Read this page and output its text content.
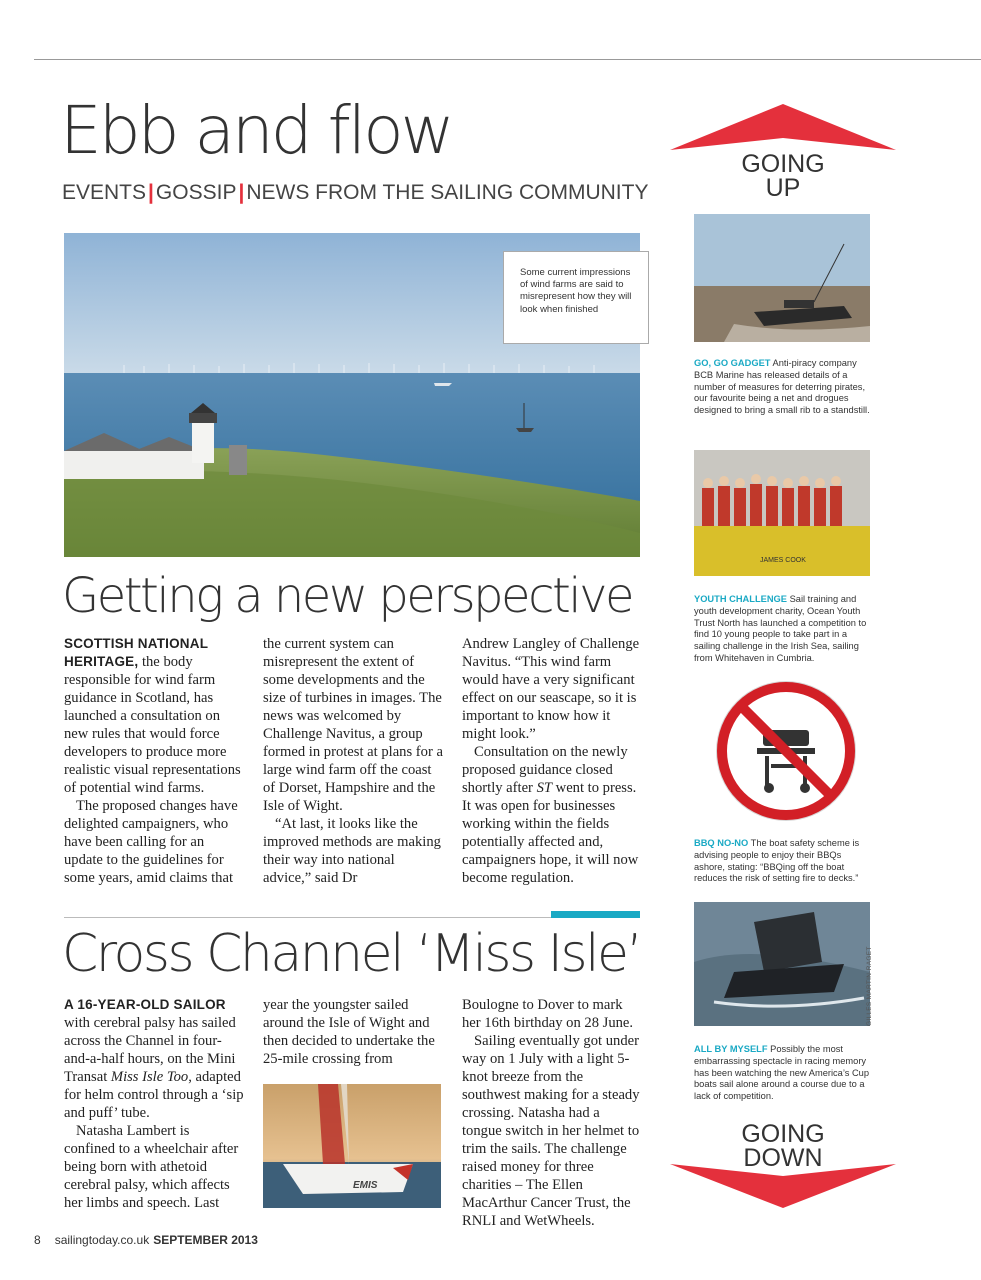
Ebb and flow
EVENTS|GOSSIP|NEWS FROM THE SAILING COMMUNITY
Some current impressions of wind farms are said to misrepresent how they will look when finished
Getting a new perspective

SCOTTISH NATIONAL HERITAGE, the body responsible for wind farm guidance in Scotland, has launched a consultation on new rules that would force developers to produce more realistic visual representations of potential wind farms.

The proposed changes have delighted campaigners, who have been calling for an update to the guidelines for some years, amid claims that

the current system can misrepresent the extent of some developments and the size of turbines in images. The news was welcomed by Challenge Navitus, a group formed in protest at plans for a large wind farm off the coast of Dorset, Hampshire and the Isle of Wight.

“At last, it looks like the improved methods are making their way into national advice,” said Dr

Andrew Langley of Challenge Navitus. “This wind farm would have a very significant effect on our seascape, so it is important to know how it might look.”

Consultation on the newly proposed guidance closed shortly after ST went to press. It was open for businesses working within the fields potentially affected and, campaigners hope, it will now become regulation.

Cross Channel ‘Miss Isle’

A 16-YEAR-OLD SAILOR with cerebral palsy has sailed across the Channel in four-and-a-half hours, on the Mini Transat Miss Isle Too, adapted for helm control through a ‘sip and puff’ tube.

Natasha Lambert is confined to a wheelchair after being born with athetoid cerebral palsy, which affects her limbs and speech. Last

year the youngster sailed around the Isle of Wight and then decided to undertake the 25-mile crossing from

EMIS

Boulogne to Dover to mark her 16th birthday on 28 June.

Sailing eventually got under way on 1 July with a light 5-knot breeze from the southwest making for a steady crossing. Natasha had a tongue switch in her helmet to trim the sails. The challenge raised money for three charities – The Ellen MacArthur Cancer Trust, the RNLI and WetWheels.

GOING
UP
GO, GO GADGET Anti-piracy company BCB Marine has released details of a number of measures for deterring pirates, our favourite being a net and drogues designed to bring a small rib to a standstill.
JAMES COOK
YOUTH CHALLENGE Sail training and youth development charity, Ocean Youth Trust North has launched a competition to find 10 young people to take part in a sailing challenge in the Irish Sea, sailing from Whitehaven in Cumbria.
BBQ NO-NO The boat safety scheme is advising people to enjoy their BBQs ashore, stating: “BBQing off the boat reduces the risk of setting fire to decks.”
GILLES MARTIN-RAGET
ALL BY MYSELF Possibly the most embarrassing spectacle in racing memory has been watching the new America’s Cup boats sail alone around a course due to a lack of competition.
GOING
DOWN
8 sailingtoday.co.uk SEPTEMBER 2013
